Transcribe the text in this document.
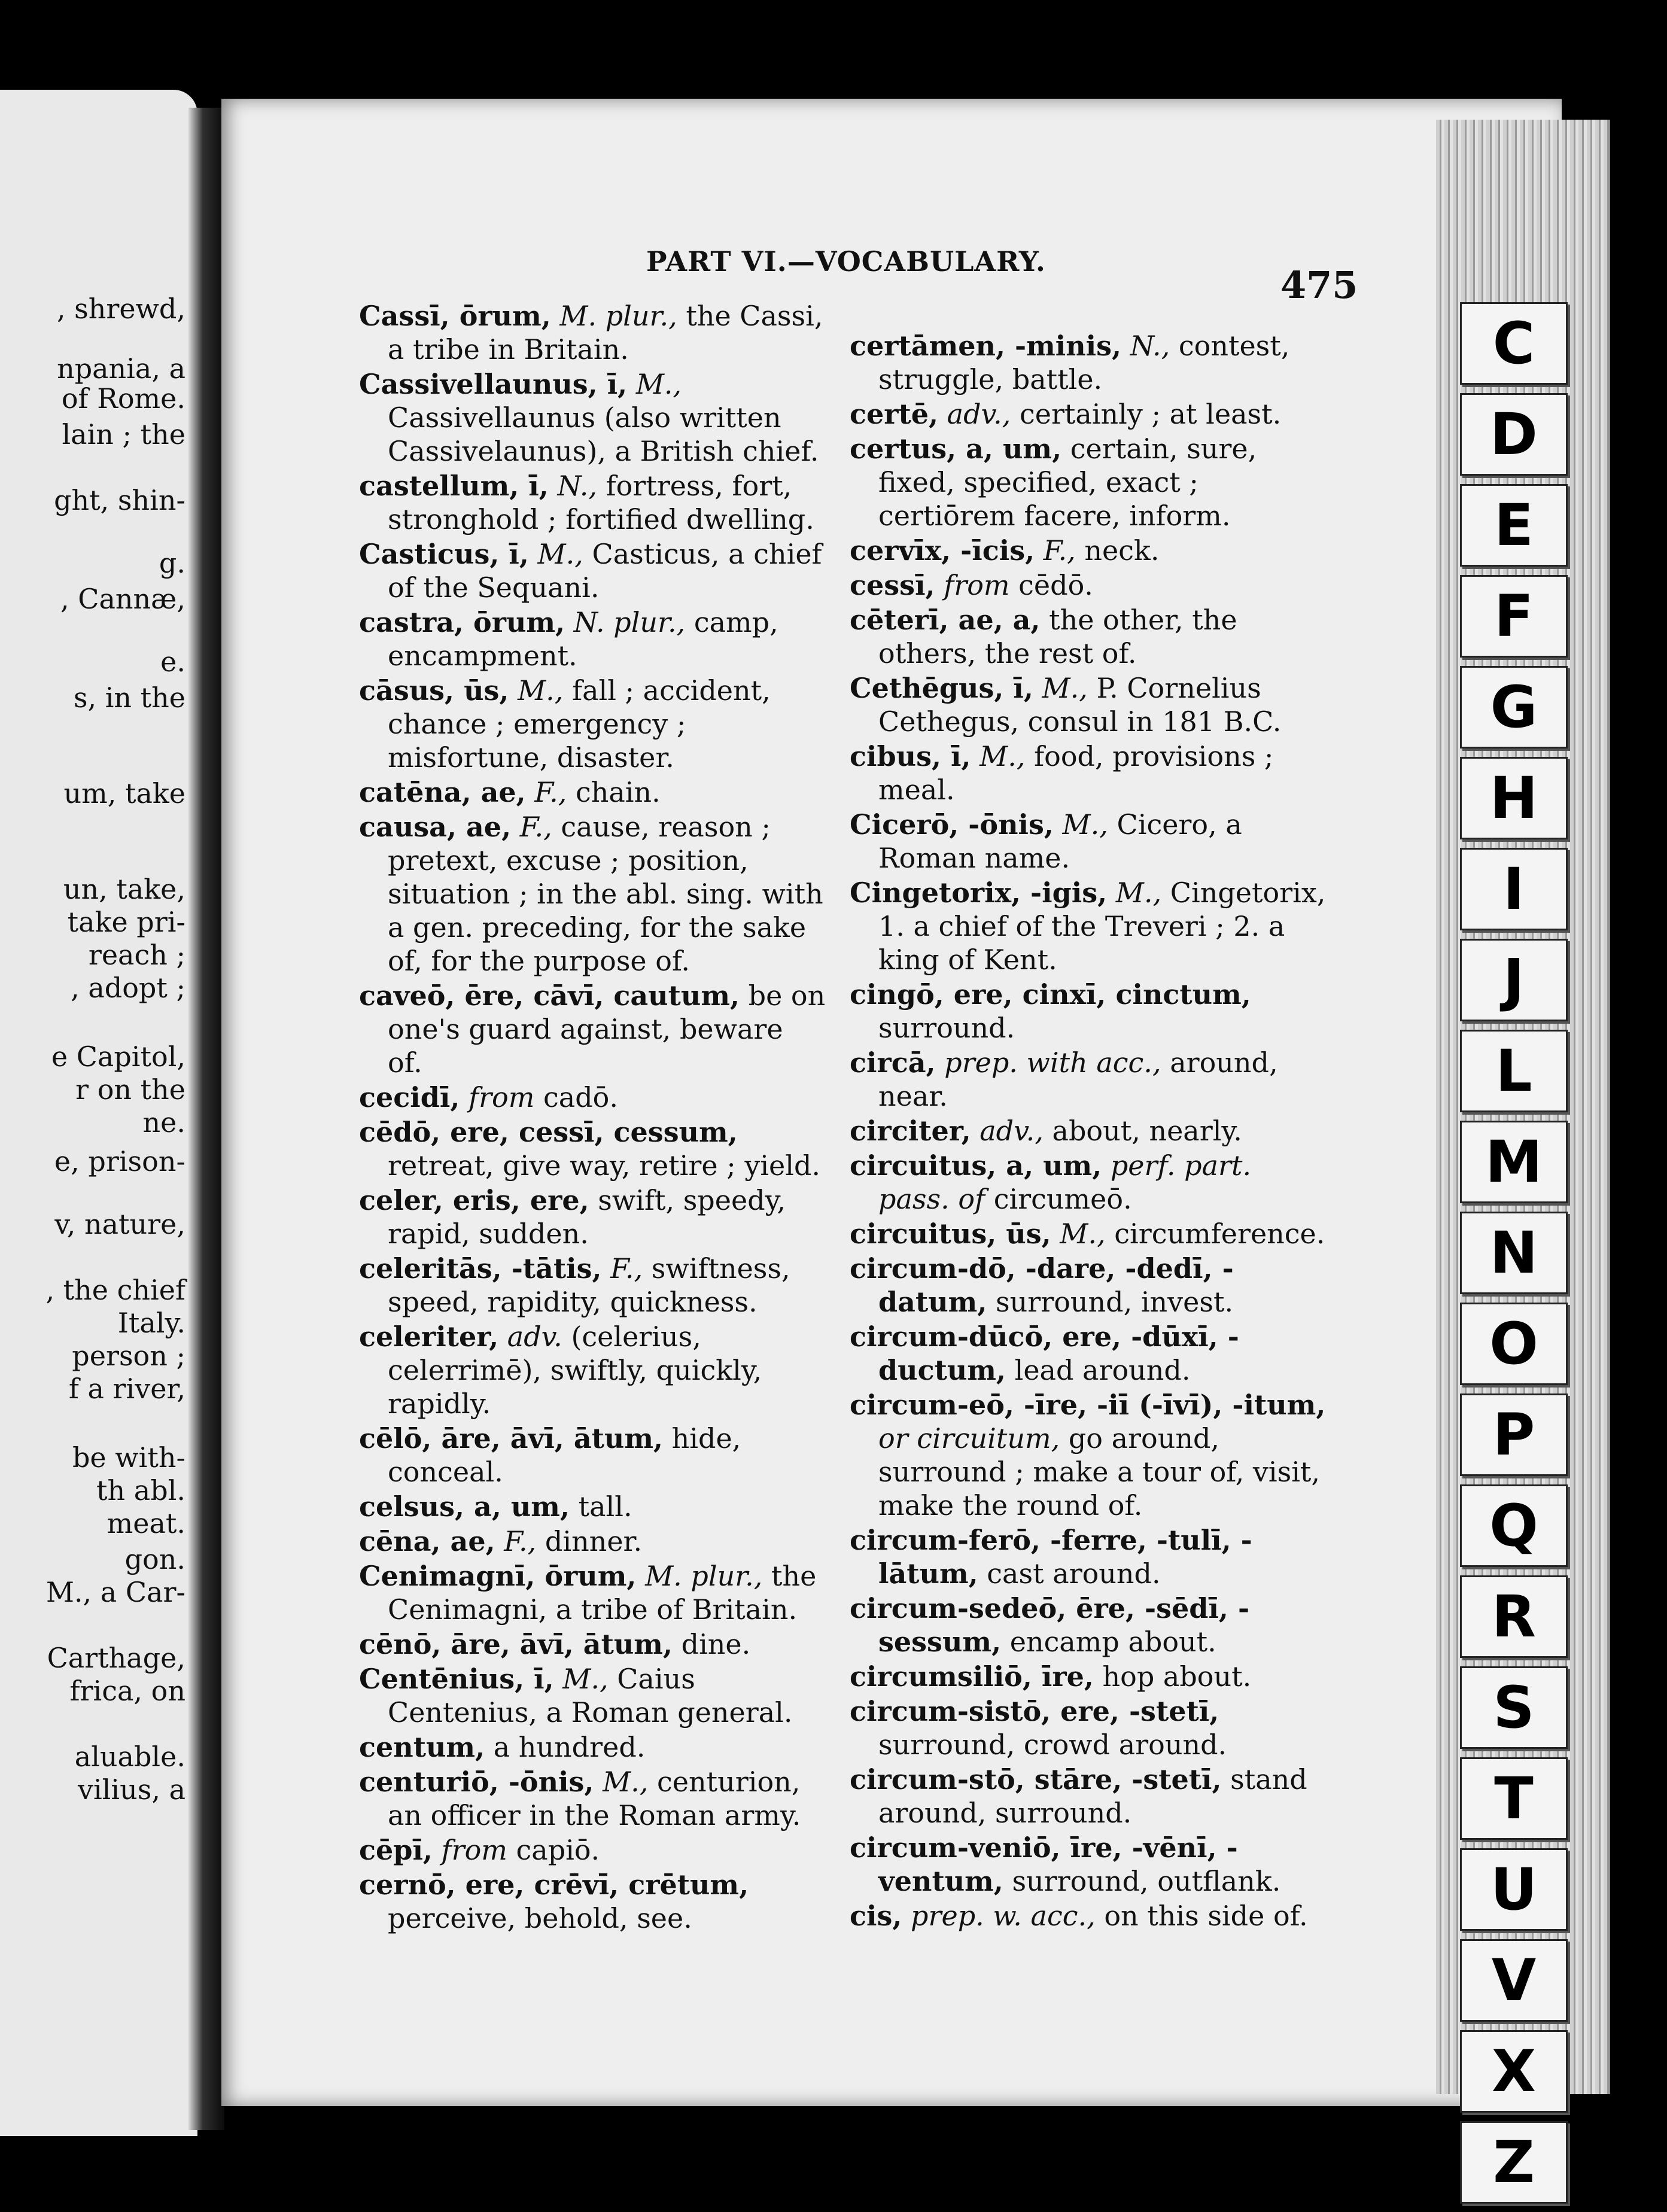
, shrewd,
npania, a
of Rome.
lain ; the
ght, shin-
g.
, Cannæ,
e.
s, in the
um, take
un, take,
take pri-
reach ;
, adopt ;
e Capitol,
r on the
ne.
e, prison-
v, nature,
, the chief
Italy.
person ;
f a river,
be with-
th abl.
meat.
gon.
M., a Car-
Carthage,
frica, on
aluable.
vilius, a
PART VI.—VOCABULARY.
475
Cassī, ōrum, M. plur., the Cassi, a tribe in Britain.
Cassivellaunus, ī, M., Cassivellaunus (also written Cassivelaunus), a British chief.
castellum, ī, N., fortress, fort, stronghold ; fortified dwelling.
Casticus, ī, M., Casticus, a chief of the Sequani.
castra, ōrum, N. plur., camp, encampment.
cāsus, ūs, M., fall ; accident, chance ; emergency ; misfortune, disaster.
catēna, ae, F., chain.
causa, ae, F., cause, reason ; pretext, excuse ; position, situation ; in the abl. sing. with a gen. preceding, for the sake of, for the purpose of.
caveō, ēre, cāvī, cautum, be on one's guard against, beware of.
cecidī, from cadō.
cēdō, ere, cessī, cessum, retreat, give way, retire ; yield.
celer, eris, ere, swift, speedy, rapid, sudden.
celeritās, -tātis, F., swiftness, speed, rapidity, quickness.
celeriter, adv. (celerius, celerrimē), swiftly, quickly, rapidly.
cēlō, āre, āvī, ātum, hide, conceal.
celsus, a, um, tall.
cēna, ae, F., dinner.
Cenimagnī, ōrum, M. plur., the Cenimagni, a tribe of Britain.
cēnō, āre, āvī, ātum, dine.
Centēnius, ī, M., Caius Centenius, a Roman general.
centum, a hundred.
centuriō, -ōnis, M., centurion, an officer in the Roman army.
cēpī, from capiō.
cernō, ere, crēvī, crētum, perceive, behold, see.
certāmen, -minis, N., contest, struggle, battle.
certē, adv., certainly ; at least.
certus, a, um, certain, sure, fixed, specified, exact ; certiōrem facere, inform.
cervīx, -īcis, F., neck.
cessī, from cēdō.
cēterī, ae, a, the other, the others, the rest of.
Cethēgus, ī, M., P. Cornelius Cethegus, consul in 181 B.C.
cibus, ī, M., food, provisions ; meal.
Cicerō, -ōnis, M., Cicero, a Roman name.
Cingetorix, -igis, M., Cingetorix, 1. a chief of the Treveri ; 2. a king of Kent.
cingō, ere, cinxī, cinctum, surround.
circā, prep. with acc., around, near.
circiter, adv., about, nearly.
circuitus, a, um, perf. part. pass. of circumeō.
circuitus, ūs, M., circumference.
circum-dō, -dare, -dedī, -datum, surround, invest.
circum-dūcō, ere, -dūxī, -ductum, lead around.
circum-eō, -īre, -iī (-īvī), -itum, or circuitum, go around, surround ; make a tour of, visit, make the round of.
circum-ferō, -ferre, -tulī, -lātum, cast around.
circum-sedeō, ēre, -sēdī, -sessum, encamp about.
circumsiliō, īre, hop about.
circum-sistō, ere, -stetī, surround, crowd around.
circum-stō, stāre, -stetī, stand around, surround.
circum-veniō, īre, -vēnī, -ventum, surround, outflank.
cis, prep. w. acc., on this side of.
C
D
E
F
G
H
I
J
L
M
N
O
P
Q
R
S
T
U
V
X
Z
